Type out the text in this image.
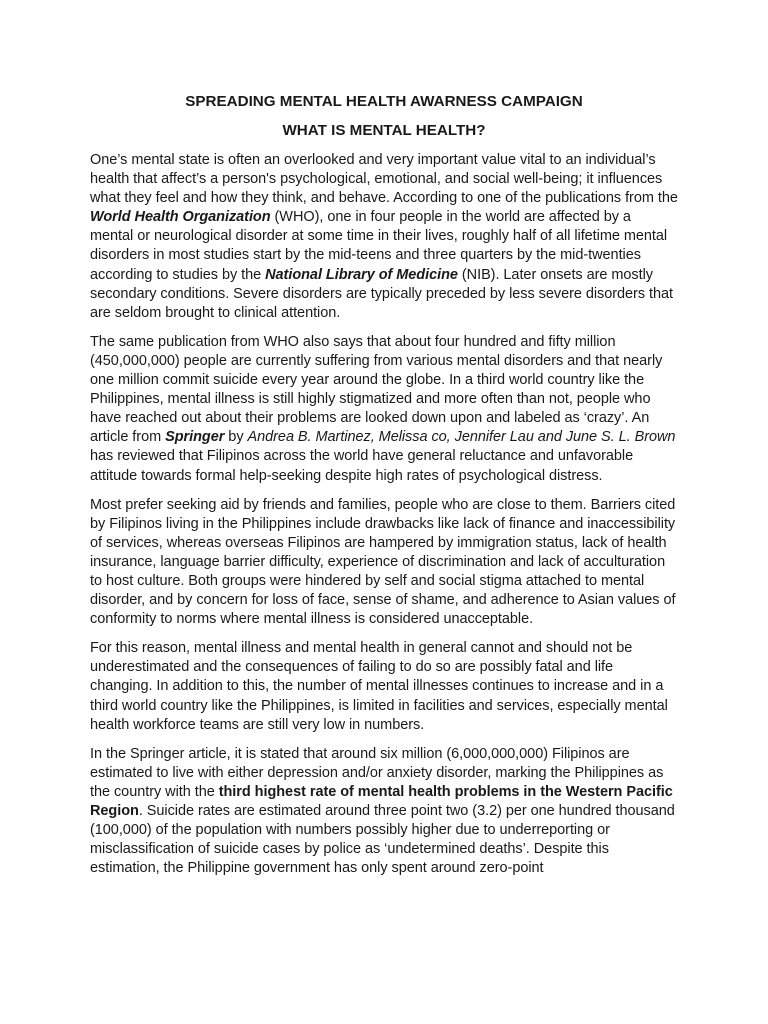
SPREADING MENTAL HEALTH AWARNESS CAMPAIGN
WHAT IS MENTAL HEALTH?

One’s mental state is often an overlooked and very important value vital to an individual’s health that affect’s a person's psychological, emotional, and social well-being; it influences what they feel and how they think, and behave. According to one of the publications from the World Health Organization (WHO), one in four people in the world are affected by a mental or neurological disorder at some time in their lives, roughly half of all lifetime mental disorders in most studies start by the mid-teens and three quarters by the mid-twenties according to studies by the National Library of Medicine (NIB). Later onsets are mostly secondary conditions. Severe disorders are typically preceded by less severe disorders that are seldom brought to clinical attention.

The same publication from WHO also says that about four hundred and fifty million (450,000,000) people are currently suffering from various mental disorders and that nearly one million commit suicide every year around the globe. In a third world country like the Philippines, mental illness is still highly stigmatized and more often than not, people who have reached out about their problems are looked down upon and labeled as ‘crazy’. An article from Springer by Andrea B. Martinez, Melissa co, Jennifer Lau and June S. L. Brown has reviewed that Filipinos across the world have general reluctance and unfavorable attitude towards formal help-seeking despite high rates of psychological distress.

Most prefer seeking aid by friends and families, people who are close to them. Barriers cited by Filipinos living in the Philippines include drawbacks like lack of finance and inaccessibility of services, whereas overseas Filipinos are hampered by immigration status, lack of health insurance, language barrier difficulty, experience of discrimination and lack of acculturation to host culture. Both groups were hindered by self and social stigma attached to mental disorder, and by concern for loss of face, sense of shame, and adherence to Asian values of conformity to norms where mental illness is considered unacceptable.

For this reason, mental illness and mental health in general cannot and should not be underestimated and the consequences of failing to do so are possibly fatal and life changing. In addition to this, the number of mental illnesses continues to increase and in a third world country like the Philippines, is limited in facilities and services, especially mental health workforce teams are still very low in numbers.

In the Springer article, it is stated that around six million (6,000,000,000) Filipinos are estimated to live with either depression and/or anxiety disorder, marking the Philippines as the country with the third highest rate of mental health problems in the Western Pacific Region. Suicide rates are estimated around three point two (3.2) per one hundred thousand (100,000) of the population with numbers possibly higher due to underreporting or misclassification of suicide cases by police as ‘undetermined deaths’. Despite this estimation, the Philippine government has only spent around zero-point
